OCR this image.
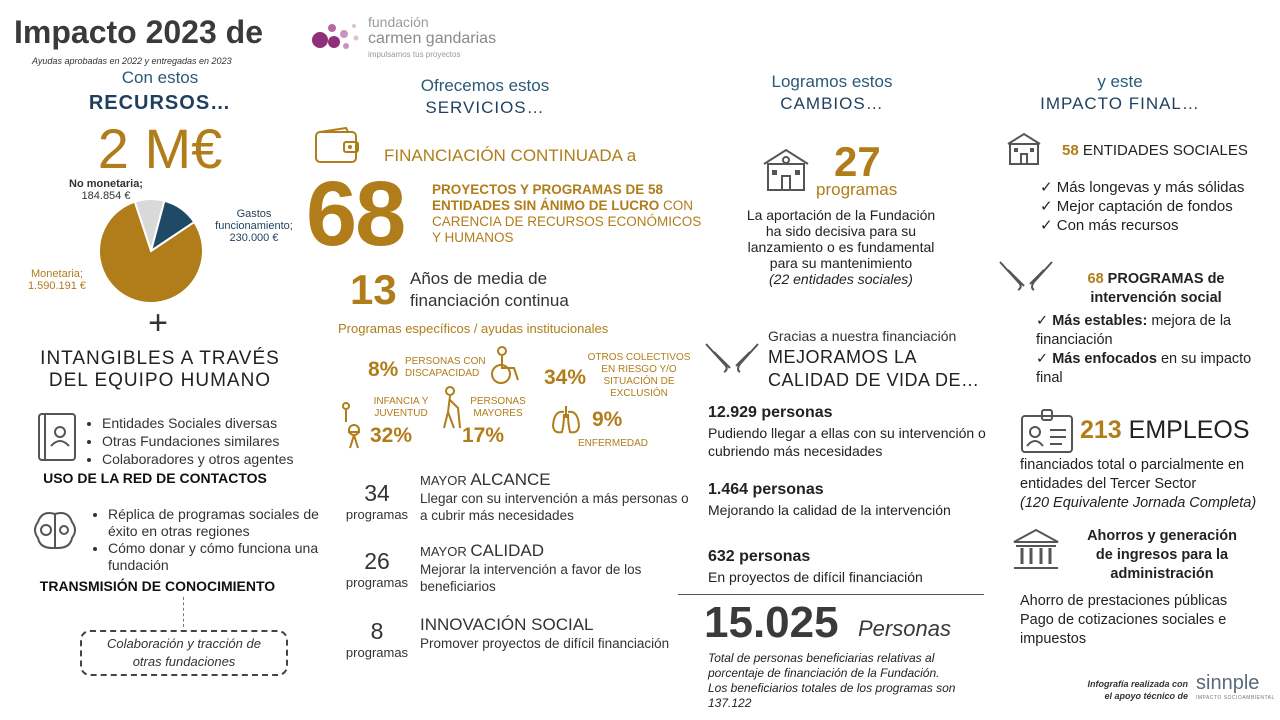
Impacto 2023 de
Ayudas aprobadas en 2022 y entregadas en 2023
fundación
carmen gandarias
impulsamos tus proyectos
Con estos
RECURSOS…
2 M€
No monetaria;
184.854 €
Gastos funcionamiento;
230.000 €
Monetaria;
1.590.191 €
+
INTANGIBLES A TRAVÉS
DEL EQUIPO HUMANO
• Entidades Sociales diversas
• Otras Fundaciones similares
• Colaboradores y otros agentes
USO DE LA RED DE CONTACTOS
• Réplica de programas sociales de éxito en otras regiones
• Cómo donar y cómo funciona una fundación
TRANSMISIÓN DE CONOCIMIENTO
Colaboración y tracción de
otras fundaciones
Ofrecemos estos
SERVICIOS…
FINANCIACIÓN CONTINUADA a
68 PROYECTOS Y PROGRAMAS DE 58 ENTIDADES SIN ÁNIMO DE LUCRO CON CARENCIA DE RECURSOS ECONÓMICOS Y HUMANOS
13 Años de media de
financiación continua
Programas específicos / ayudas institucionales
8% PERSONAS CON DISCAPACIDAD	34%
OTROS COLECTIVOS EN RIESGO Y/O SITUACIÓN DE EXCLUSIÓN
INFANCIA Y JUVENTUD
32%
PERSONAS MAYORES
17%
9%
ENFERMEDAD
34
programas
MAYOR ALCANCE
Llegar con su intervención a más personas o a cubrir más necesidades
26
programas
MAYOR CALIDAD
Mejorar la intervención a favor de los beneficiarios
8
programas
INNOVACIÓN SOCIAL
Promover proyectos de difícil financiación
Logramos estos
CAMBIOS…
27
programas
La aportación de la Fundación
ha sido decisiva para su
lanzamiento o es fundamental
para su mantenimiento
(22 entidades sociales)
Gracias a nuestra financiación
MEJORAMOS LA
CALIDAD DE VIDA DE…
12.929 personas
Pudiendo llegar a ellas con su intervención o cubriendo más necesidades
1.464 personas
Mejorando la calidad de la intervención
632 personas
En proyectos de difícil financiación
15.025 Personas
Total de personas beneficiarias relativas al
porcentaje de financiación de la Fundación.
Los beneficiarios totales de los programas son
137.122
y este
IMPACTO FINAL…
58 ENTIDADES SOCIALES
✓ Más longevas y más sólidas
✓ Mejor captación de fondos
✓ Con más recursos
68 PROGRAMAS de
intervención social
✓ Más estables: mejora de la financiación
✓ Más enfocados en su impacto final
213 EMPLEOS
financiados total o parcialmente en
entidades del Tercer Sector
(120 Equivalente Jornada Completa)
Ahorros y generación
de ingresos para la
administración
Ahorro de prestaciones públicas
Pago de cotizaciones sociales e
impuestos
Infografía realizada con
el apoyo técnico de
sinnple
IMPACTO SOCIOAMBIENTAL
